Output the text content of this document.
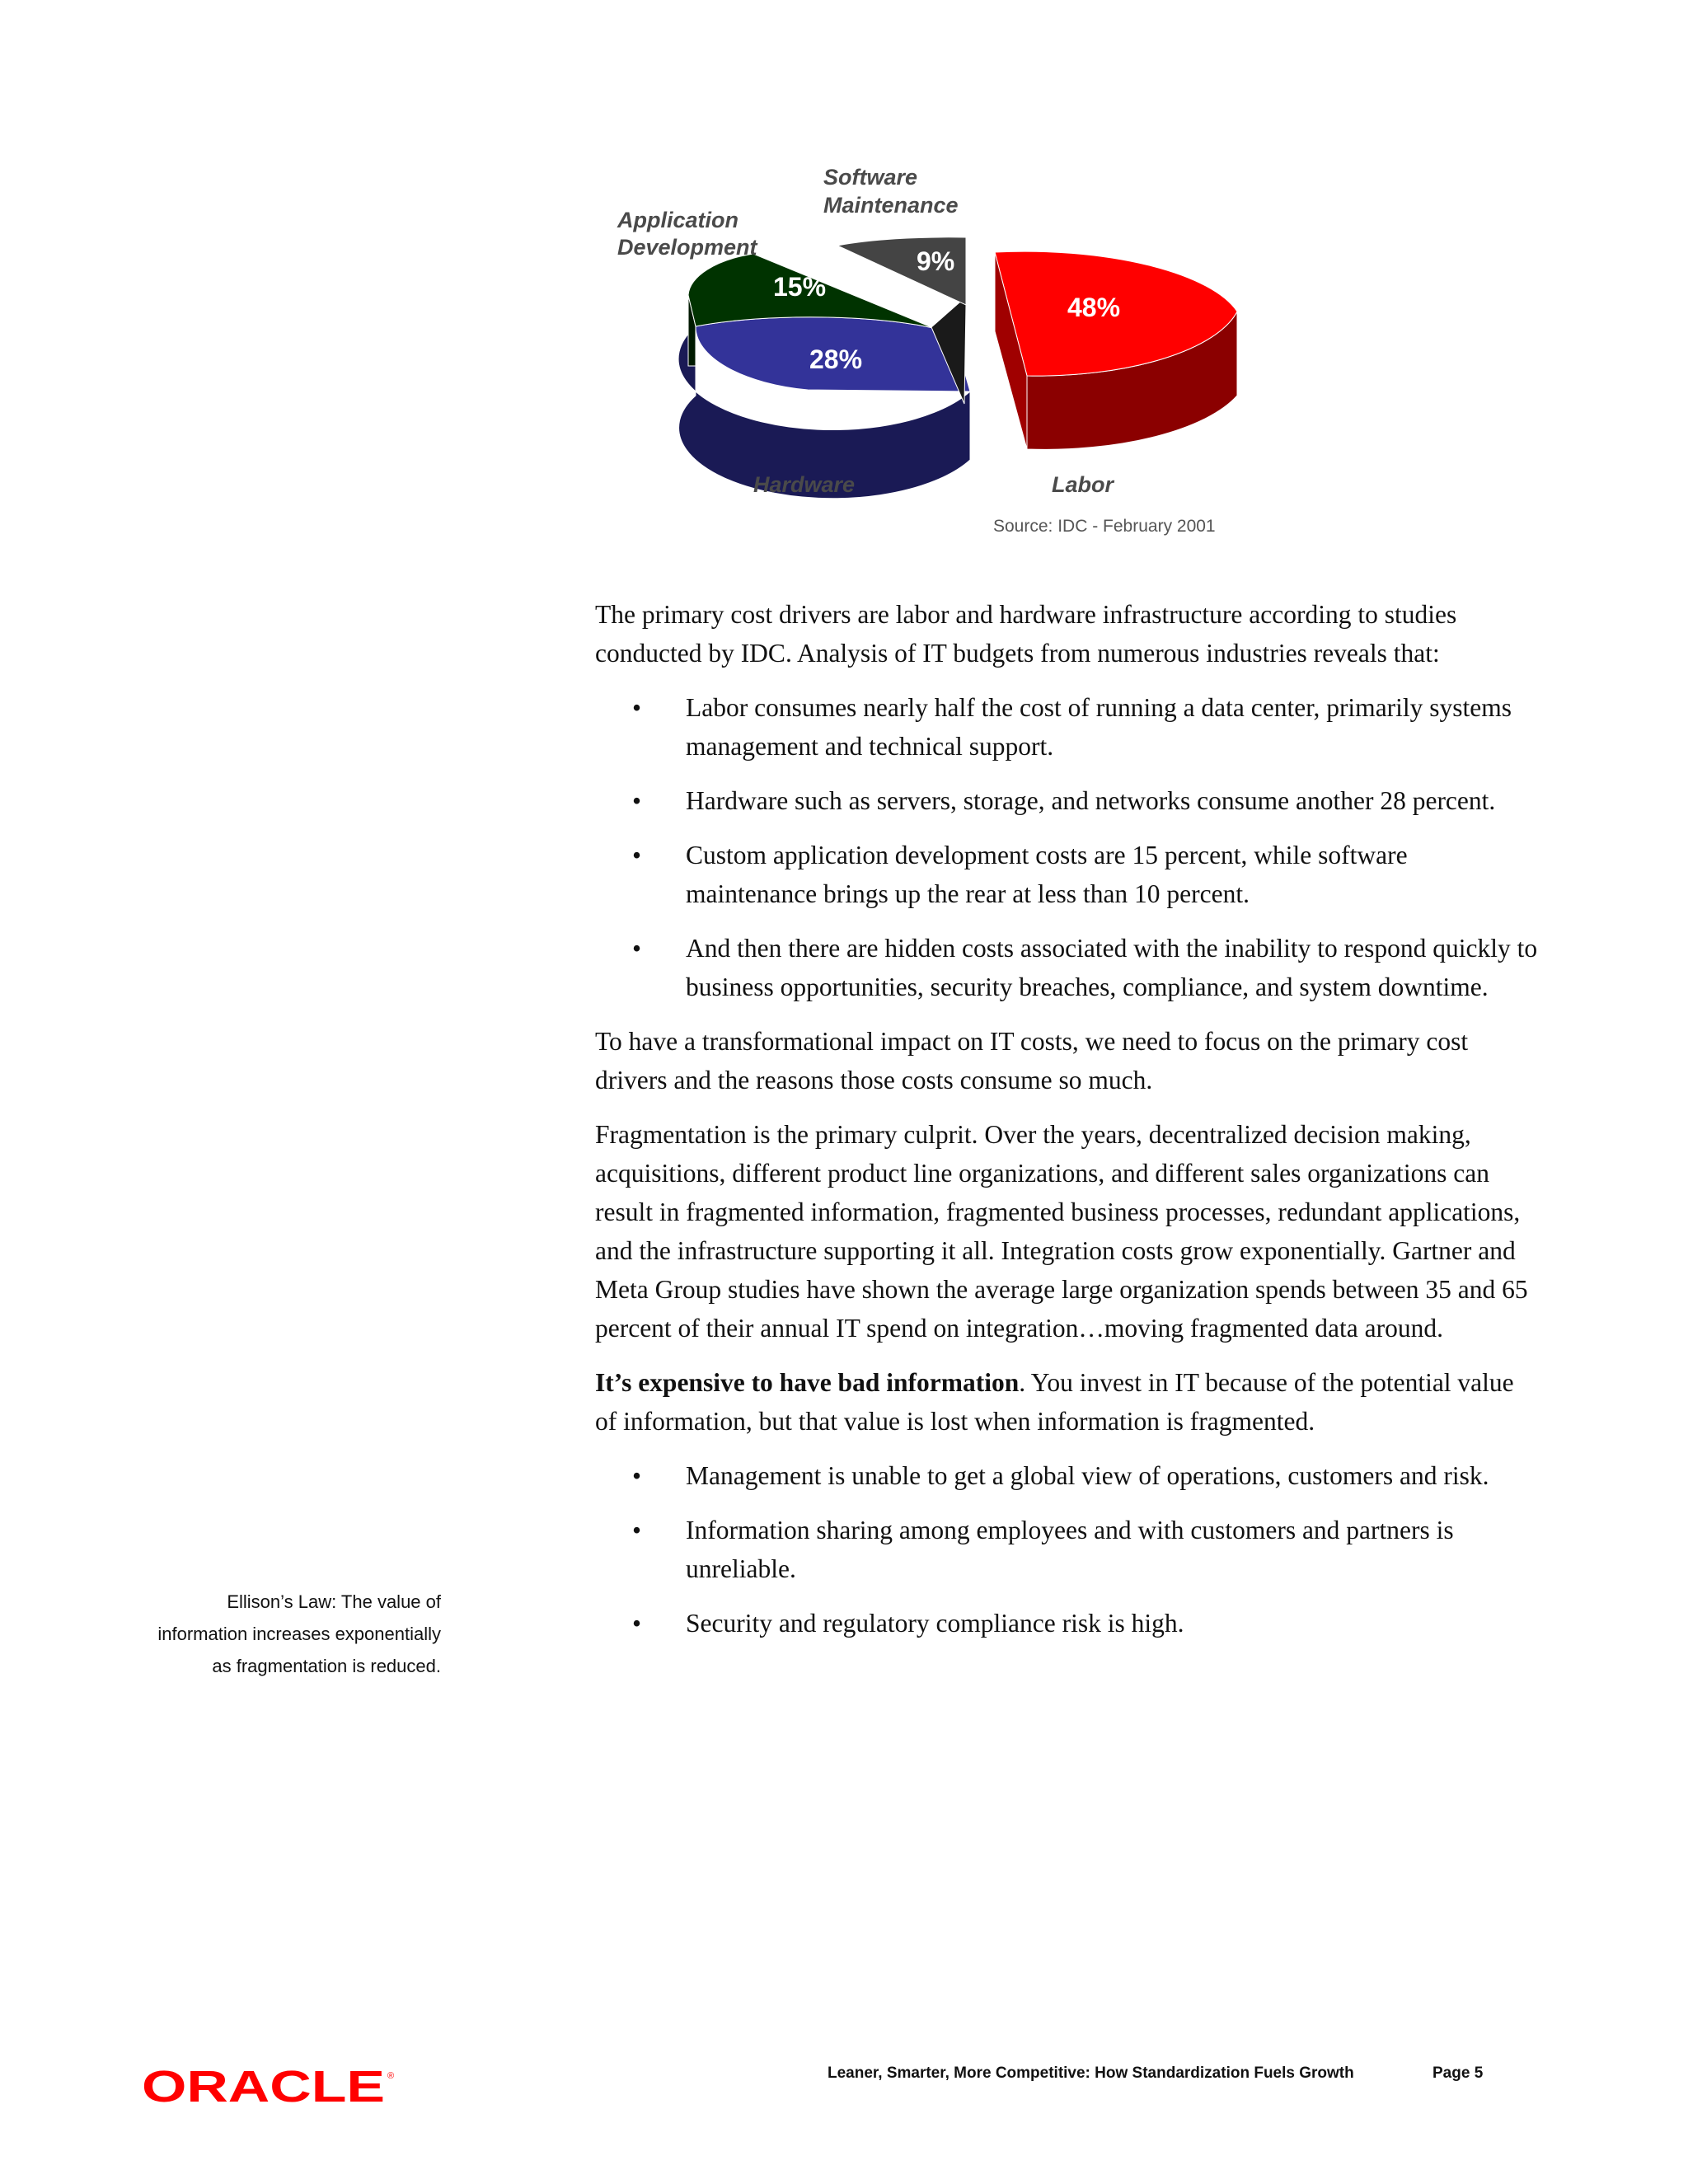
48%
28%
15%
9%
Software
Maintenance
Application
Development
Hardware	Labor
Source: IDC - February 2001

The primary cost drivers are labor and hardware infrastructure according to studies conducted by IDC. Analysis of IT budgets from numerous industries reveals that:

• Labor consumes nearly half the cost of running a data center, primarily systems management and technical support.
• Hardware such as servers, storage, and networks consume another 28 percent.
• Custom application development costs are 15 percent, while software maintenance brings up the rear at less than 10 percent.
• And then there are hidden costs associated with the inability to respond quickly to business opportunities, security breaches, compliance, and system downtime.

To have a transformational impact on IT costs, we need to focus on the primary cost drivers and the reasons those costs consume so much.

Fragmentation is the primary culprit. Over the years, decentralized decision making, acquisitions, different product line organizations, and different sales organizations can result in fragmented information, fragmented business processes, redundant applications, and the infrastructure supporting it all. Integration costs grow exponentially. Gartner and Meta Group studies have shown the average large organization spends between 35 and 65 percent of their annual IT spend on integration…moving fragmented data around.

It’s expensive to have bad information. You invest in IT because of the potential value of information, but that value is lost when information is fragmented.

• Management is unable to get a global view of operations, customers and risk.
• Information sharing among employees and with customers and partners is unreliable.
• Security and regulatory compliance risk is high.
Ellison’s Law: The value of
information increases exponentially
as fragmentation is reduced.
ORACLE ®	Leaner, Smarter, More Competitive: How Standardization Fuels Growth	Page 5
